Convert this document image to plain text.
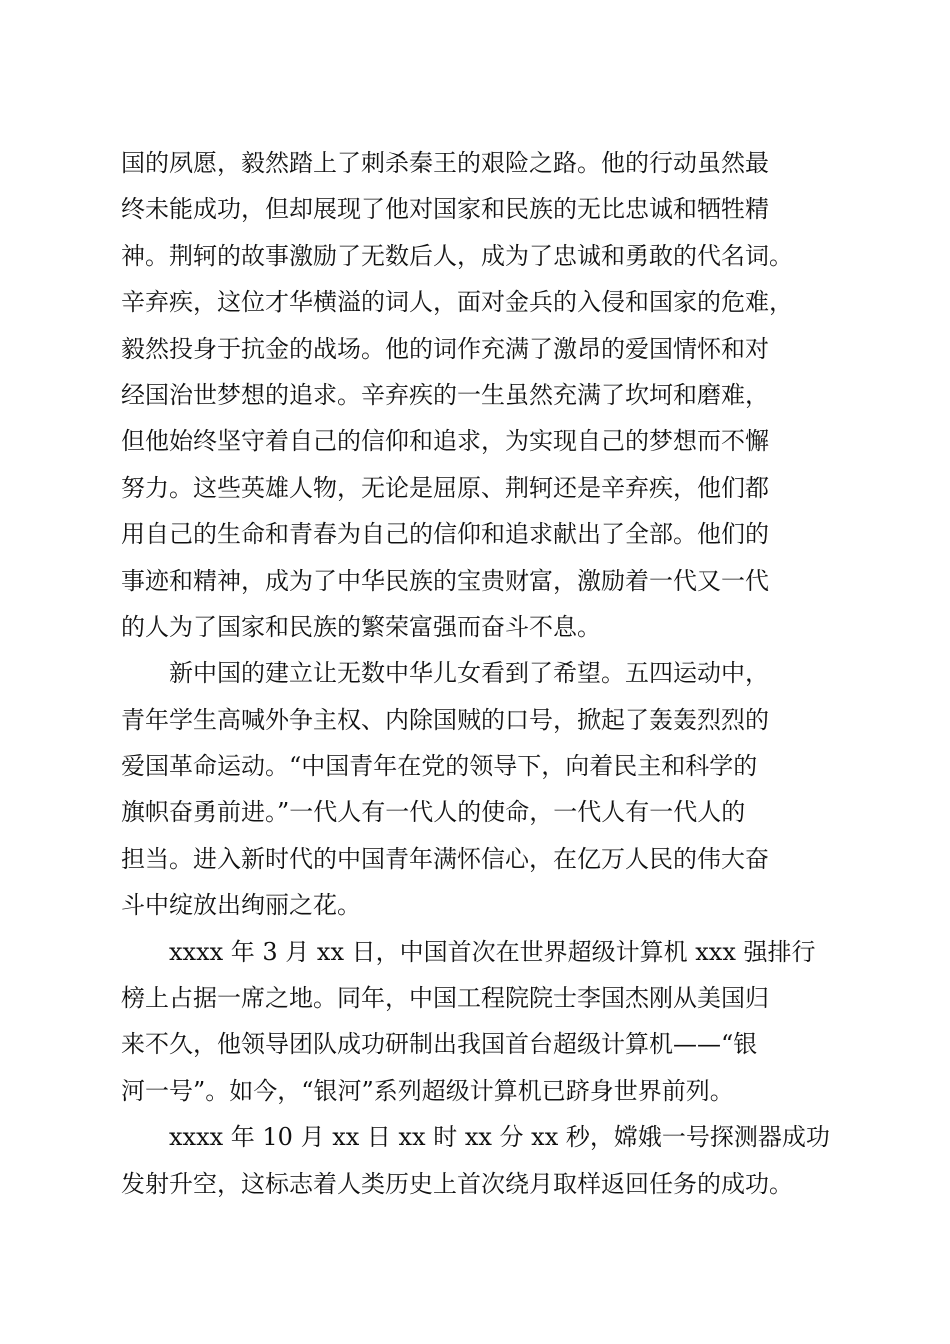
国的夙愿，毅然踏上了刺杀秦王的艰险之路。他的行动虽然最
终未能成功，但却展现了他对国家和民族的无比忠诚和牺牲精
神。荆轲的故事激励了无数后人，成为了忠诚和勇敢的代名词。
辛弃疾，这位才华横溢的词人，面对金兵的入侵和国家的危难，
毅然投身于抗金的战场。他的词作充满了激昂的爱国情怀和对
经国治世梦想的追求。辛弃疾的一生虽然充满了坎坷和磨难，
但他始终坚守着自己的信仰和追求，为实现自己的梦想而不懈
努力。这些英雄人物，无论是屈原、荆轲还是辛弃疾，他们都
用自己的生命和青春为自己的信仰和追求献出了全部。他们的
事迹和精神，成为了中华民族的宝贵财富，激励着一代又一代
的人为了国家和民族的繁荣富强而奋斗不息。
新中国的建立让无数中华儿女看到了希望。五四运动中，
青年学生高喊外争主权、内除国贼的口号，掀起了轰轰烈烈的
爱国革命运动。“中国青年在党的领导下，向着民主和科学的
旗帜奋勇前进。”一代人有一代人的使命，一代人有一代人的
担当。进入新时代的中国青年满怀信心，在亿万人民的伟大奋
斗中绽放出绚丽之花。
xxxx 年 3 月 xx 日，中国首次在世界超级计算机 xxx 强排行
榜上占据一席之地。同年，中国工程院院士李国杰刚从美国归
来不久，他领导团队成功研制出我国首台超级计算机——“银
河一号”。如今，“银河”系列超级计算机已跻身世界前列。
xxxx 年 10 月 xx 日 xx 时 xx 分 xx 秒，嫦娥一号探测器成功
发射升空，这标志着人类历史上首次绕月取样返回任务的成功。
